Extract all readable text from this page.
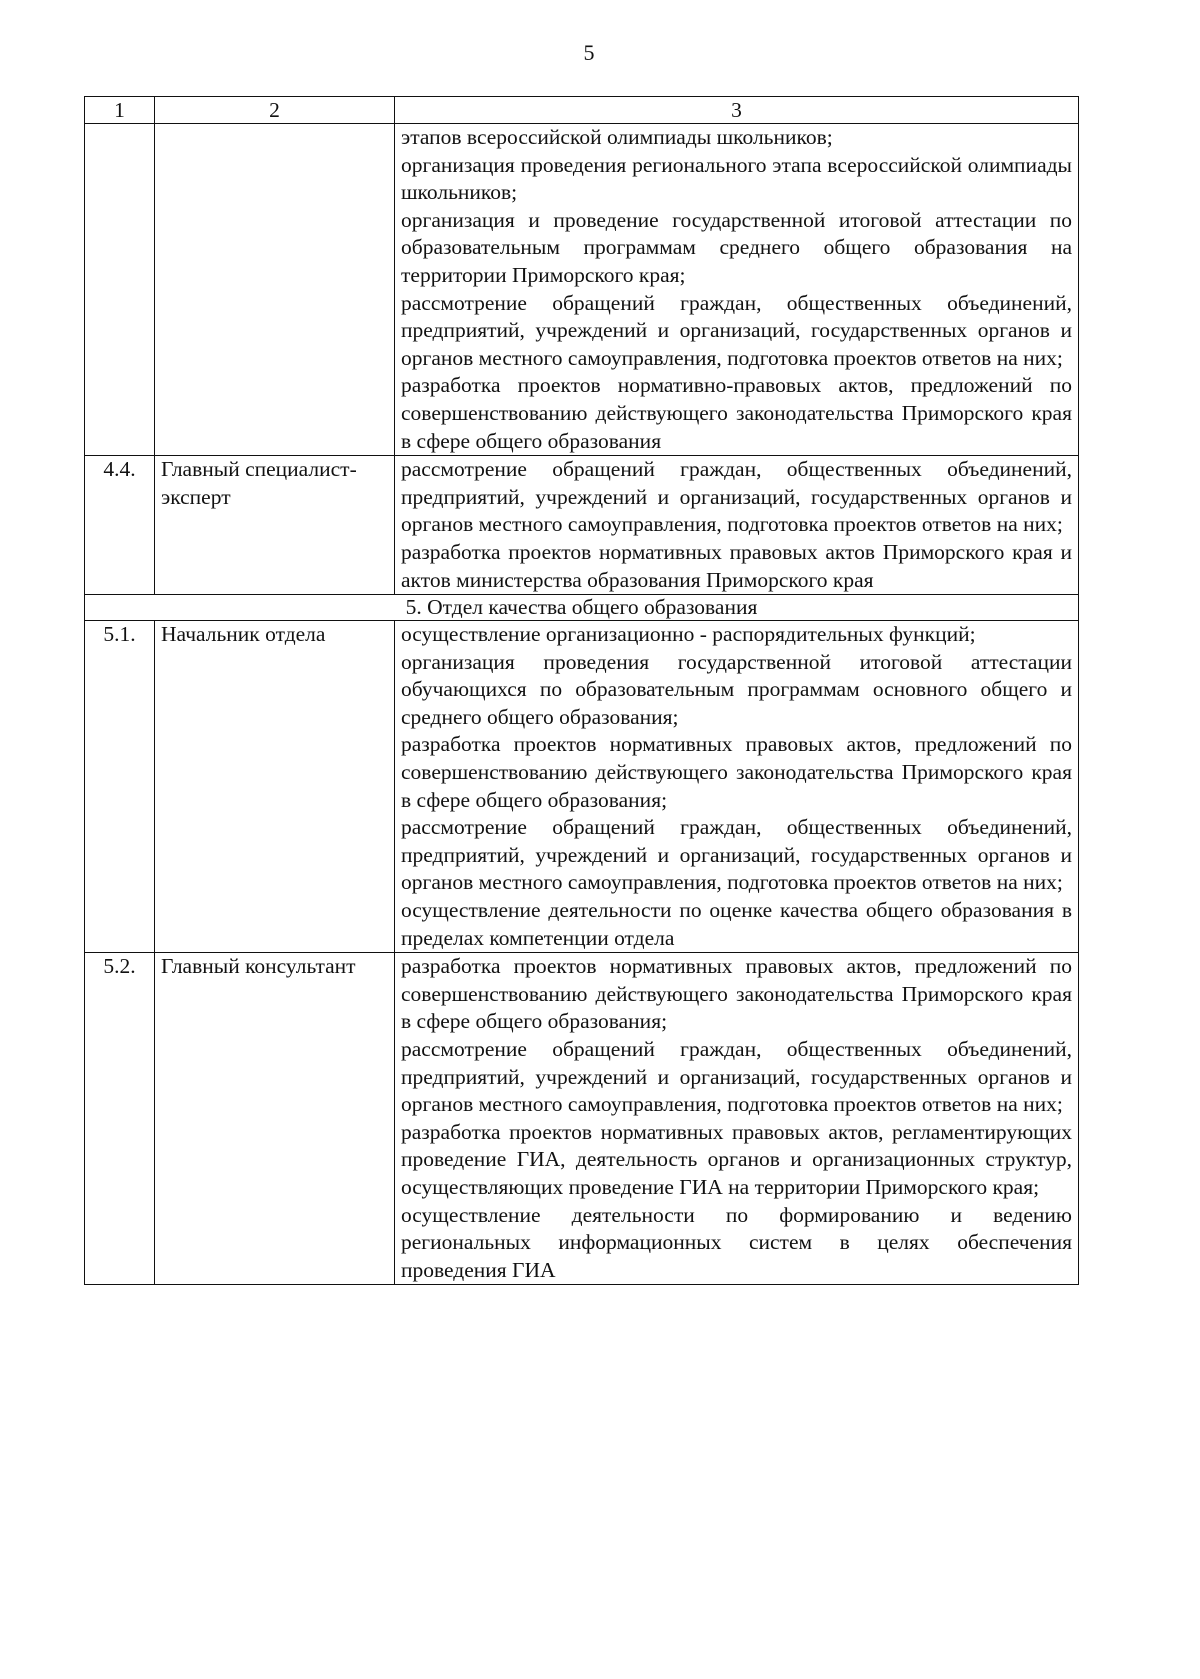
5
1	2	3

		этапов всероссийской олимпиады школьников;

организация проведения регионального этапа всероссийской олимпиады школьников;

организация и проведение государственной итоговой аттестации по образовательным программам среднего общего образования на территории Приморского края;

рассмотрение обращений граждан, общественных объединений, предприятий, учреждений и организаций, государственных органов и органов местного самоуправления, подготовка проектов ответов на них;

разработка проектов нормативно-правовых актов, предложений по совершенствованию действующего законодательства Приморского края в сфере общего образования

4.4.	Главный специалист-эксперт	рассмотрение обращений граждан, общественных объединений, предприятий, учреждений и организаций, государственных органов и органов местного самоуправления, подготовка проектов ответов на них;

разработка проектов нормативных правовых актов Приморского края и актов министерства образования Приморского края

5. Отдел качества общего образования		
5.1.	Начальник отдела	осуществление организационно - распорядительных функций;

организация проведения государственной итоговой аттестации обучающихся по образовательным программам основного общего и среднего общего образования;

разработка проектов нормативных правовых актов, предложений по совершенствованию действующего законодательства Приморского края в сфере общего образования;

рассмотрение обращений граждан, общественных объединений, предприятий, учреждений и организаций, государственных органов и органов местного самоуправления, подготовка проектов ответов на них;

осуществление деятельности по оценке качества общего образования в пределах компетенции отдела

5.2.	Главный консультант	разработка проектов нормативных правовых актов, предложений по совершенствованию действующего законодательства Приморского края в сфере общего образования;

рассмотрение обращений граждан, общественных объединений, предприятий, учреждений и организаций, государственных органов и органов местного самоуправления, подготовка проектов ответов на них;

разработка проектов нормативных правовых актов, регламентирующих проведение ГИА, деятельность органов и организационных структур, осуществляющих проведение ГИА на территории Приморского края;

осуществление деятельности по формированию и ведению региональных информационных систем в целях обеспечения проведения ГИА
